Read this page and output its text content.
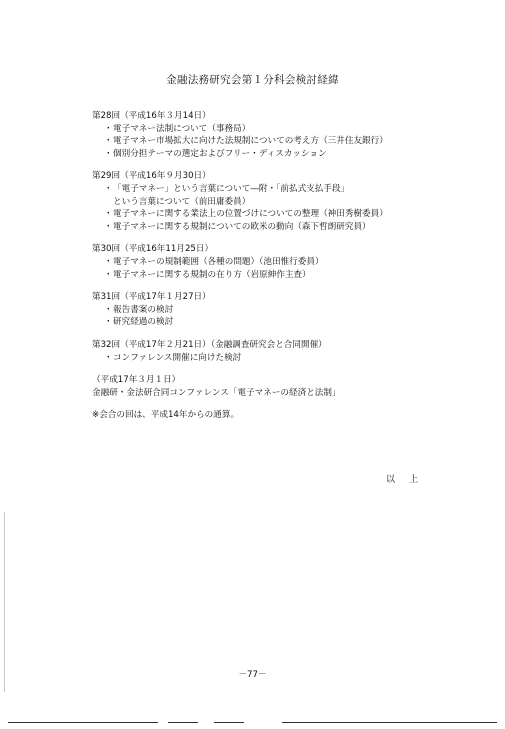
金融法務研究会第１分科会検討経緯

第28回（平成16年３月14日）

・ 電子マネー法制について（事務局）
・ 電子マネー市場拡大に向けた法規制についての考え方（三井住友銀行）
・ 個別分担テーマの選定およびフリー・ディスカッション

第29回（平成16年９月30日）

・ 「電子マネー」という言葉について―附・「前払式支払手段」
という言葉について（前田庸委員）
・ 電子マネーに関する業法上の位置づけについての整理（神田秀樹委員）
・ 電子マネーに関する規制についての欧米の動向（森下哲朗研究員）

第30回（平成16年11月25日）

・ 電子マネーの規制範囲（各種の問題）（池田惟行委員）
・ 電子マネーに関する規制の在り方（岩原紳作主査）

第31回（平成17年１月27日）

・ 報告書案の検討
・ 研究経過の検討

第32回（平成17年２月21日）（金融調査研究会と合同開催）

・ コンファレンス開催に向けた検討

（平成17年３月１日）

金融研・金法研合同コンファレンス「電子マネーの経済と法制」

※会合の回は、平成14年からの通算。

以上
－77－
